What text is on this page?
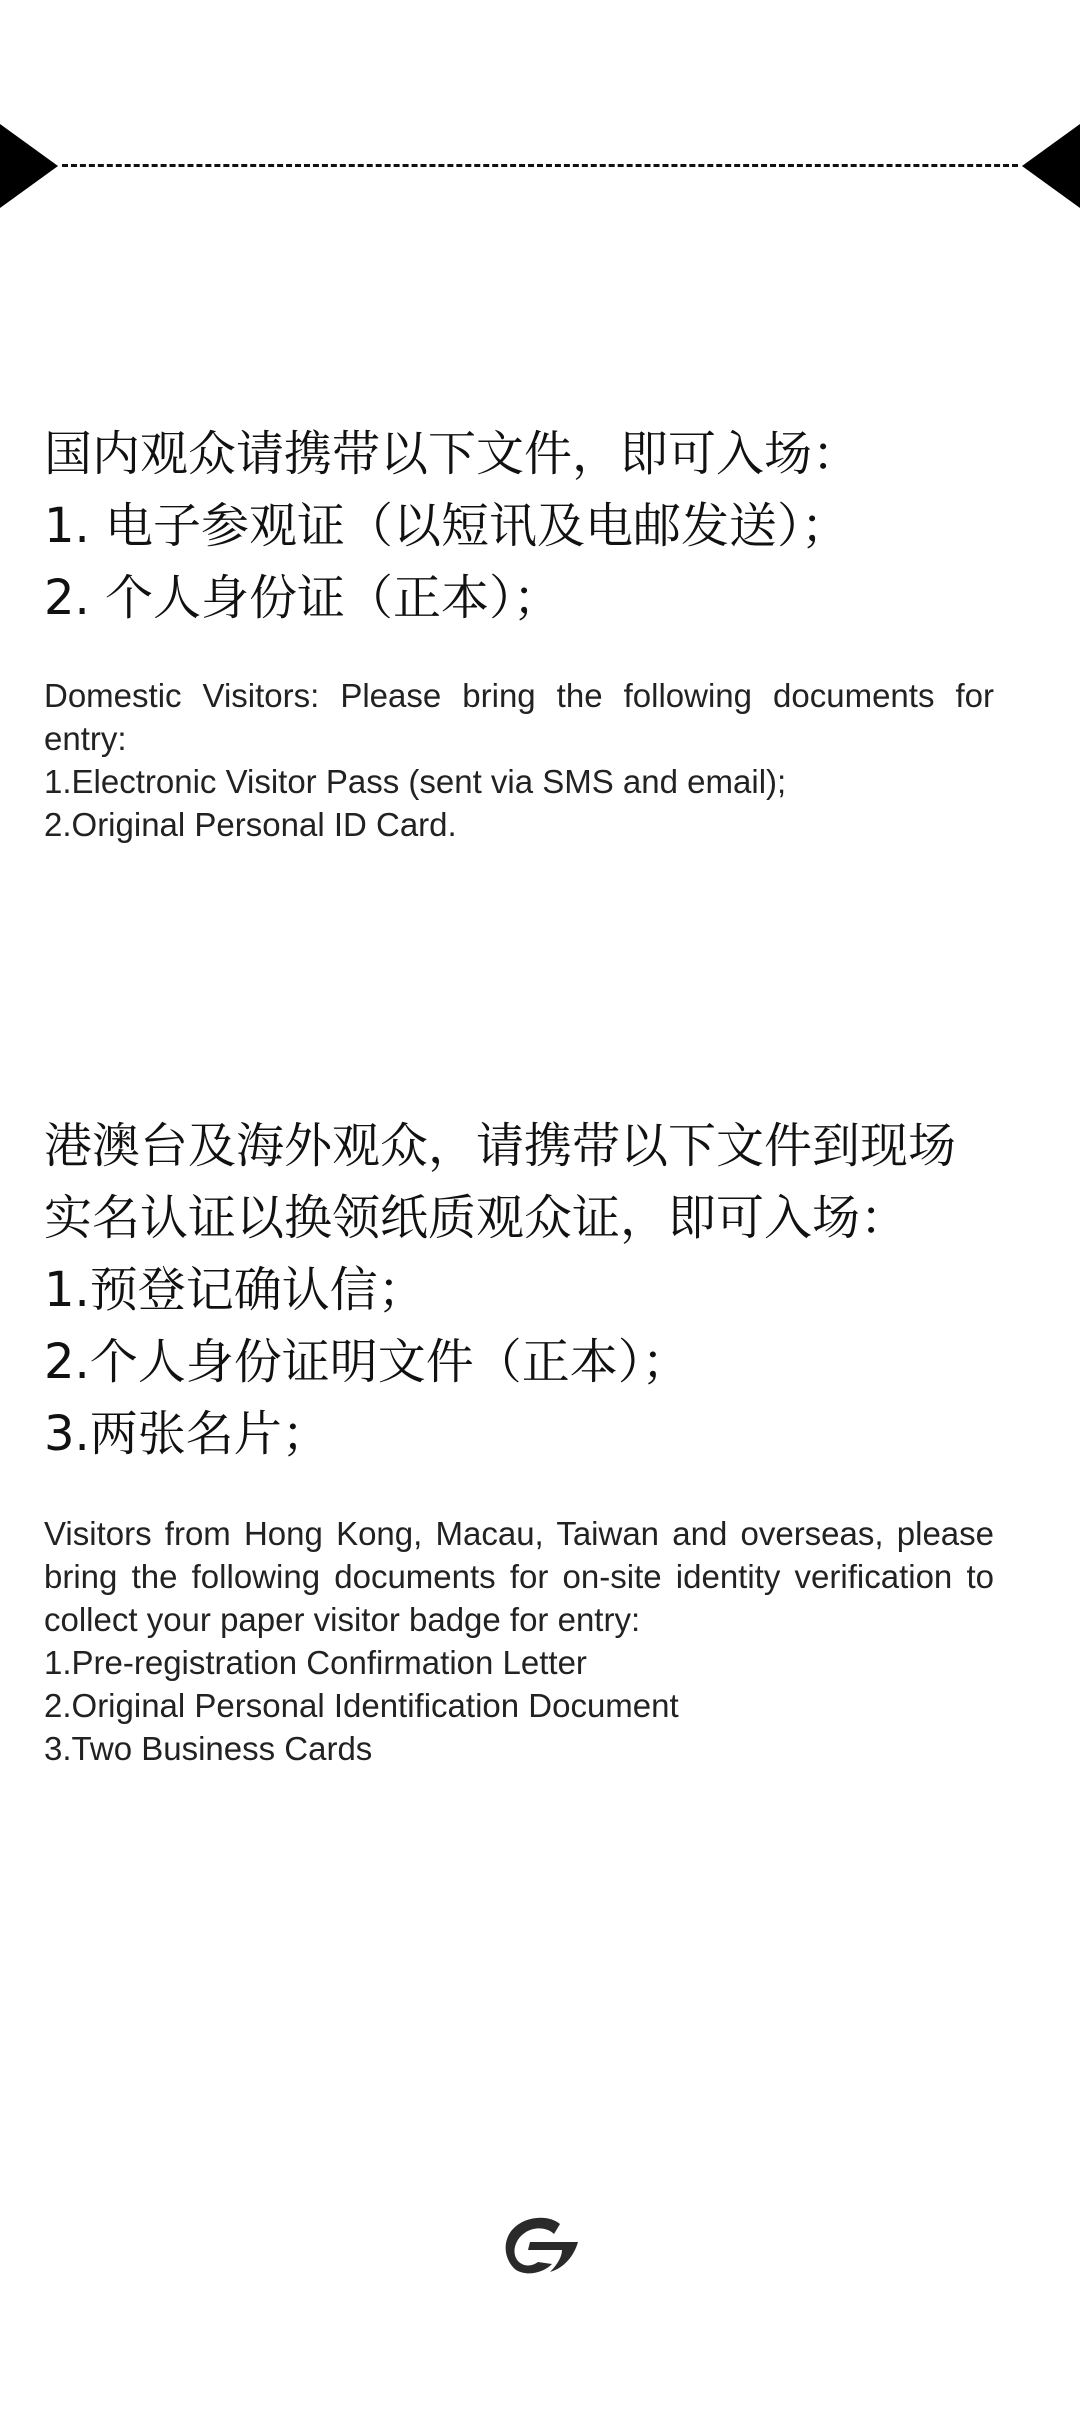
国内观众请携带以下文件，即可入场：
1. 电子参观证（以短讯及电邮发送）；
2. 个人身份证（正本）；
Domestic Visitors: Please bring the following documents for entry:
1.Electronic Visitor Pass (sent via SMS and email);
2.Original Personal ID Card.
港澳台及海外观众，请携带以下文件到现场
实名认证以换领纸质观众证，即可入场：
1.预登记确认信；
2.个人身份证明文件（正本）；
3.两张名片；
Visitors from Hong Kong, Macau, Taiwan and overseas, please bring the following documents for on-site identity verification to collect your paper visitor badge for entry:
1.Pre-registration Confirmation Letter
2.Original Personal Identification Document
3.Two Business Cards
